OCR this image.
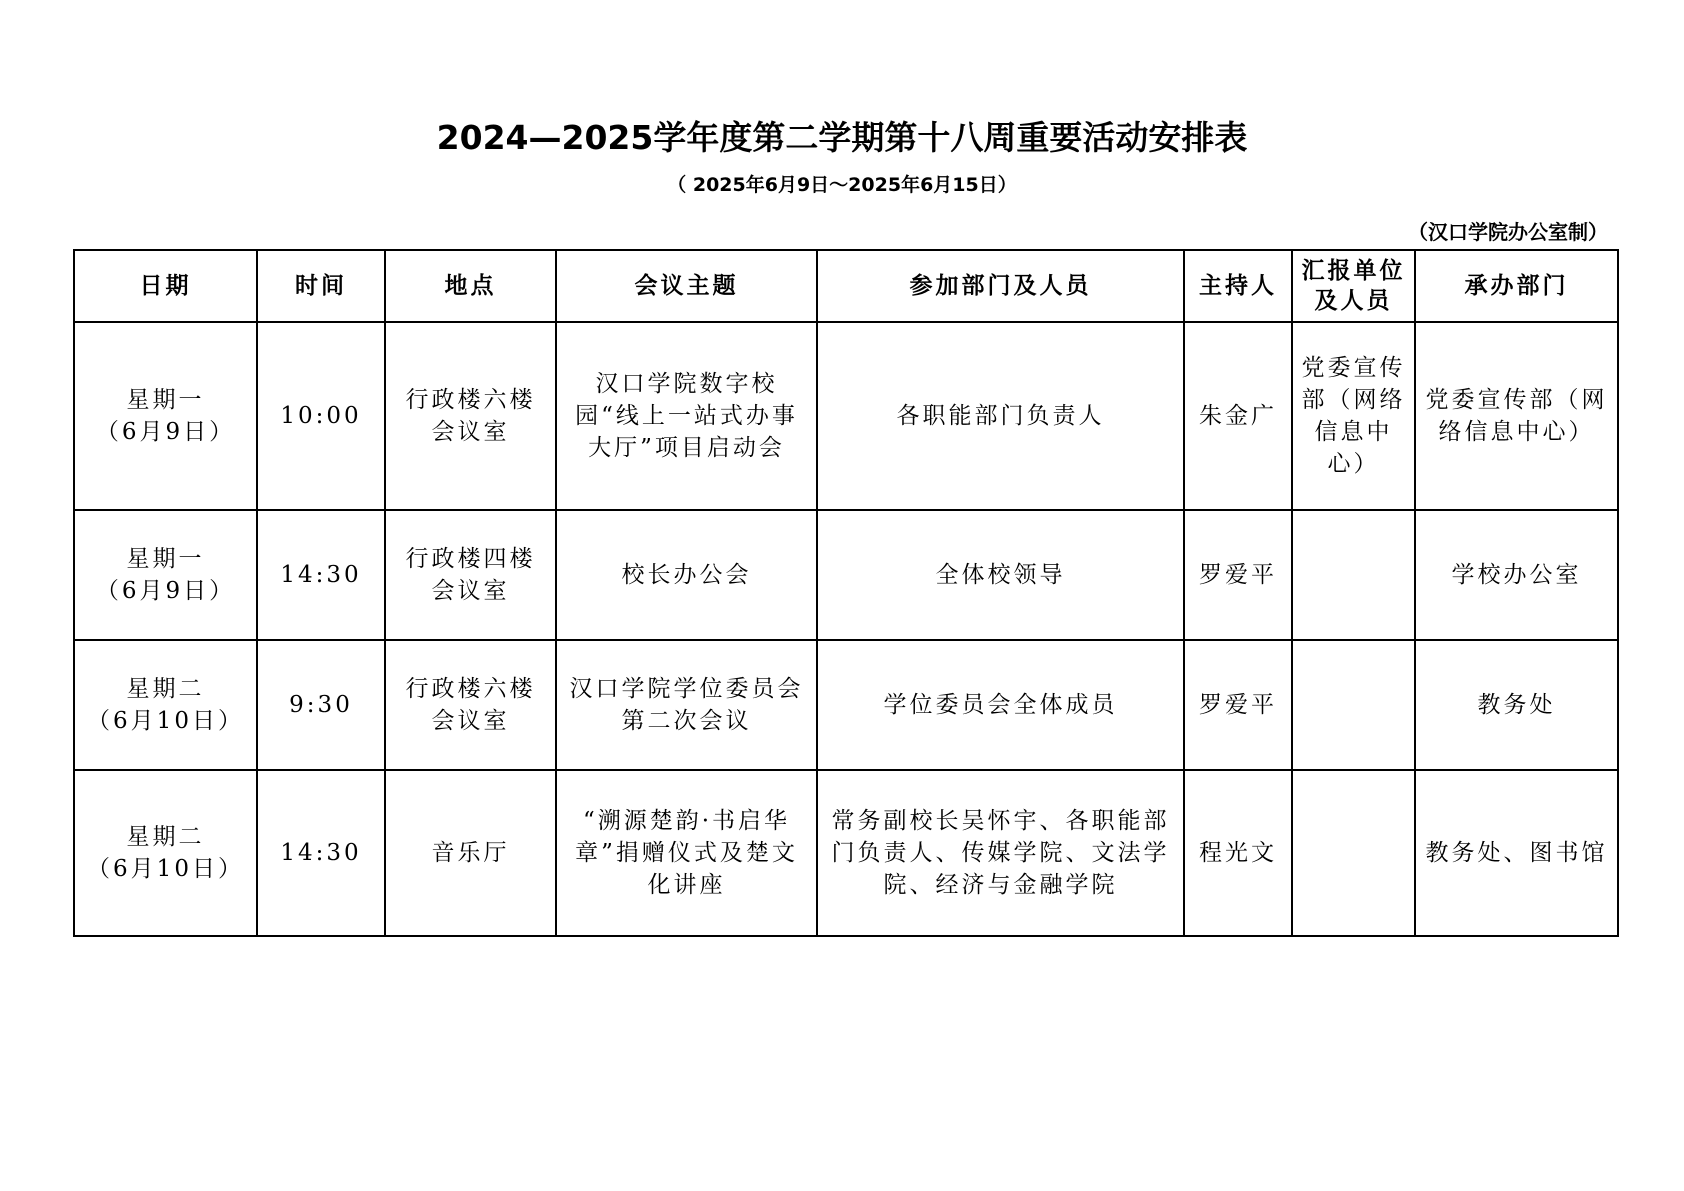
2024—2025学年度第二学期第十八周重要活动安排表
（ 2025年6月9日～2025年6月15日）
（汉口学院办公室制）
日期	时间	地点	会议主题	参加部门及人员	主持人	汇报单位
及人员	承办部门

星期一
（6月9日）	10:00	行政楼六楼会议室	汉口学院数字校园“线上一站式办事大厅”项目启动会	各职能部门负责人	朱金广	党委宣传部（网络信息中心）	党委宣传部（网络信息中心）

星期一
（6月9日）	14:30	行政楼四楼会议室	校长办公会	全体校领导	罗爱平		学校办公室

星期二
（6月10日）	9:30	行政楼六楼会议室	汉口学院学位委员会第二次会议	学位委员会全体成员	罗爱平		教务处

星期二
（6月10日）	14:30	音乐厅	“溯源楚韵·书启华章”捐赠仪式及楚文化讲座	常务副校长吴怀宇、各职能部门负责人、传媒学院、文法学院、经济与金融学院	程光文		教务处、图书馆
